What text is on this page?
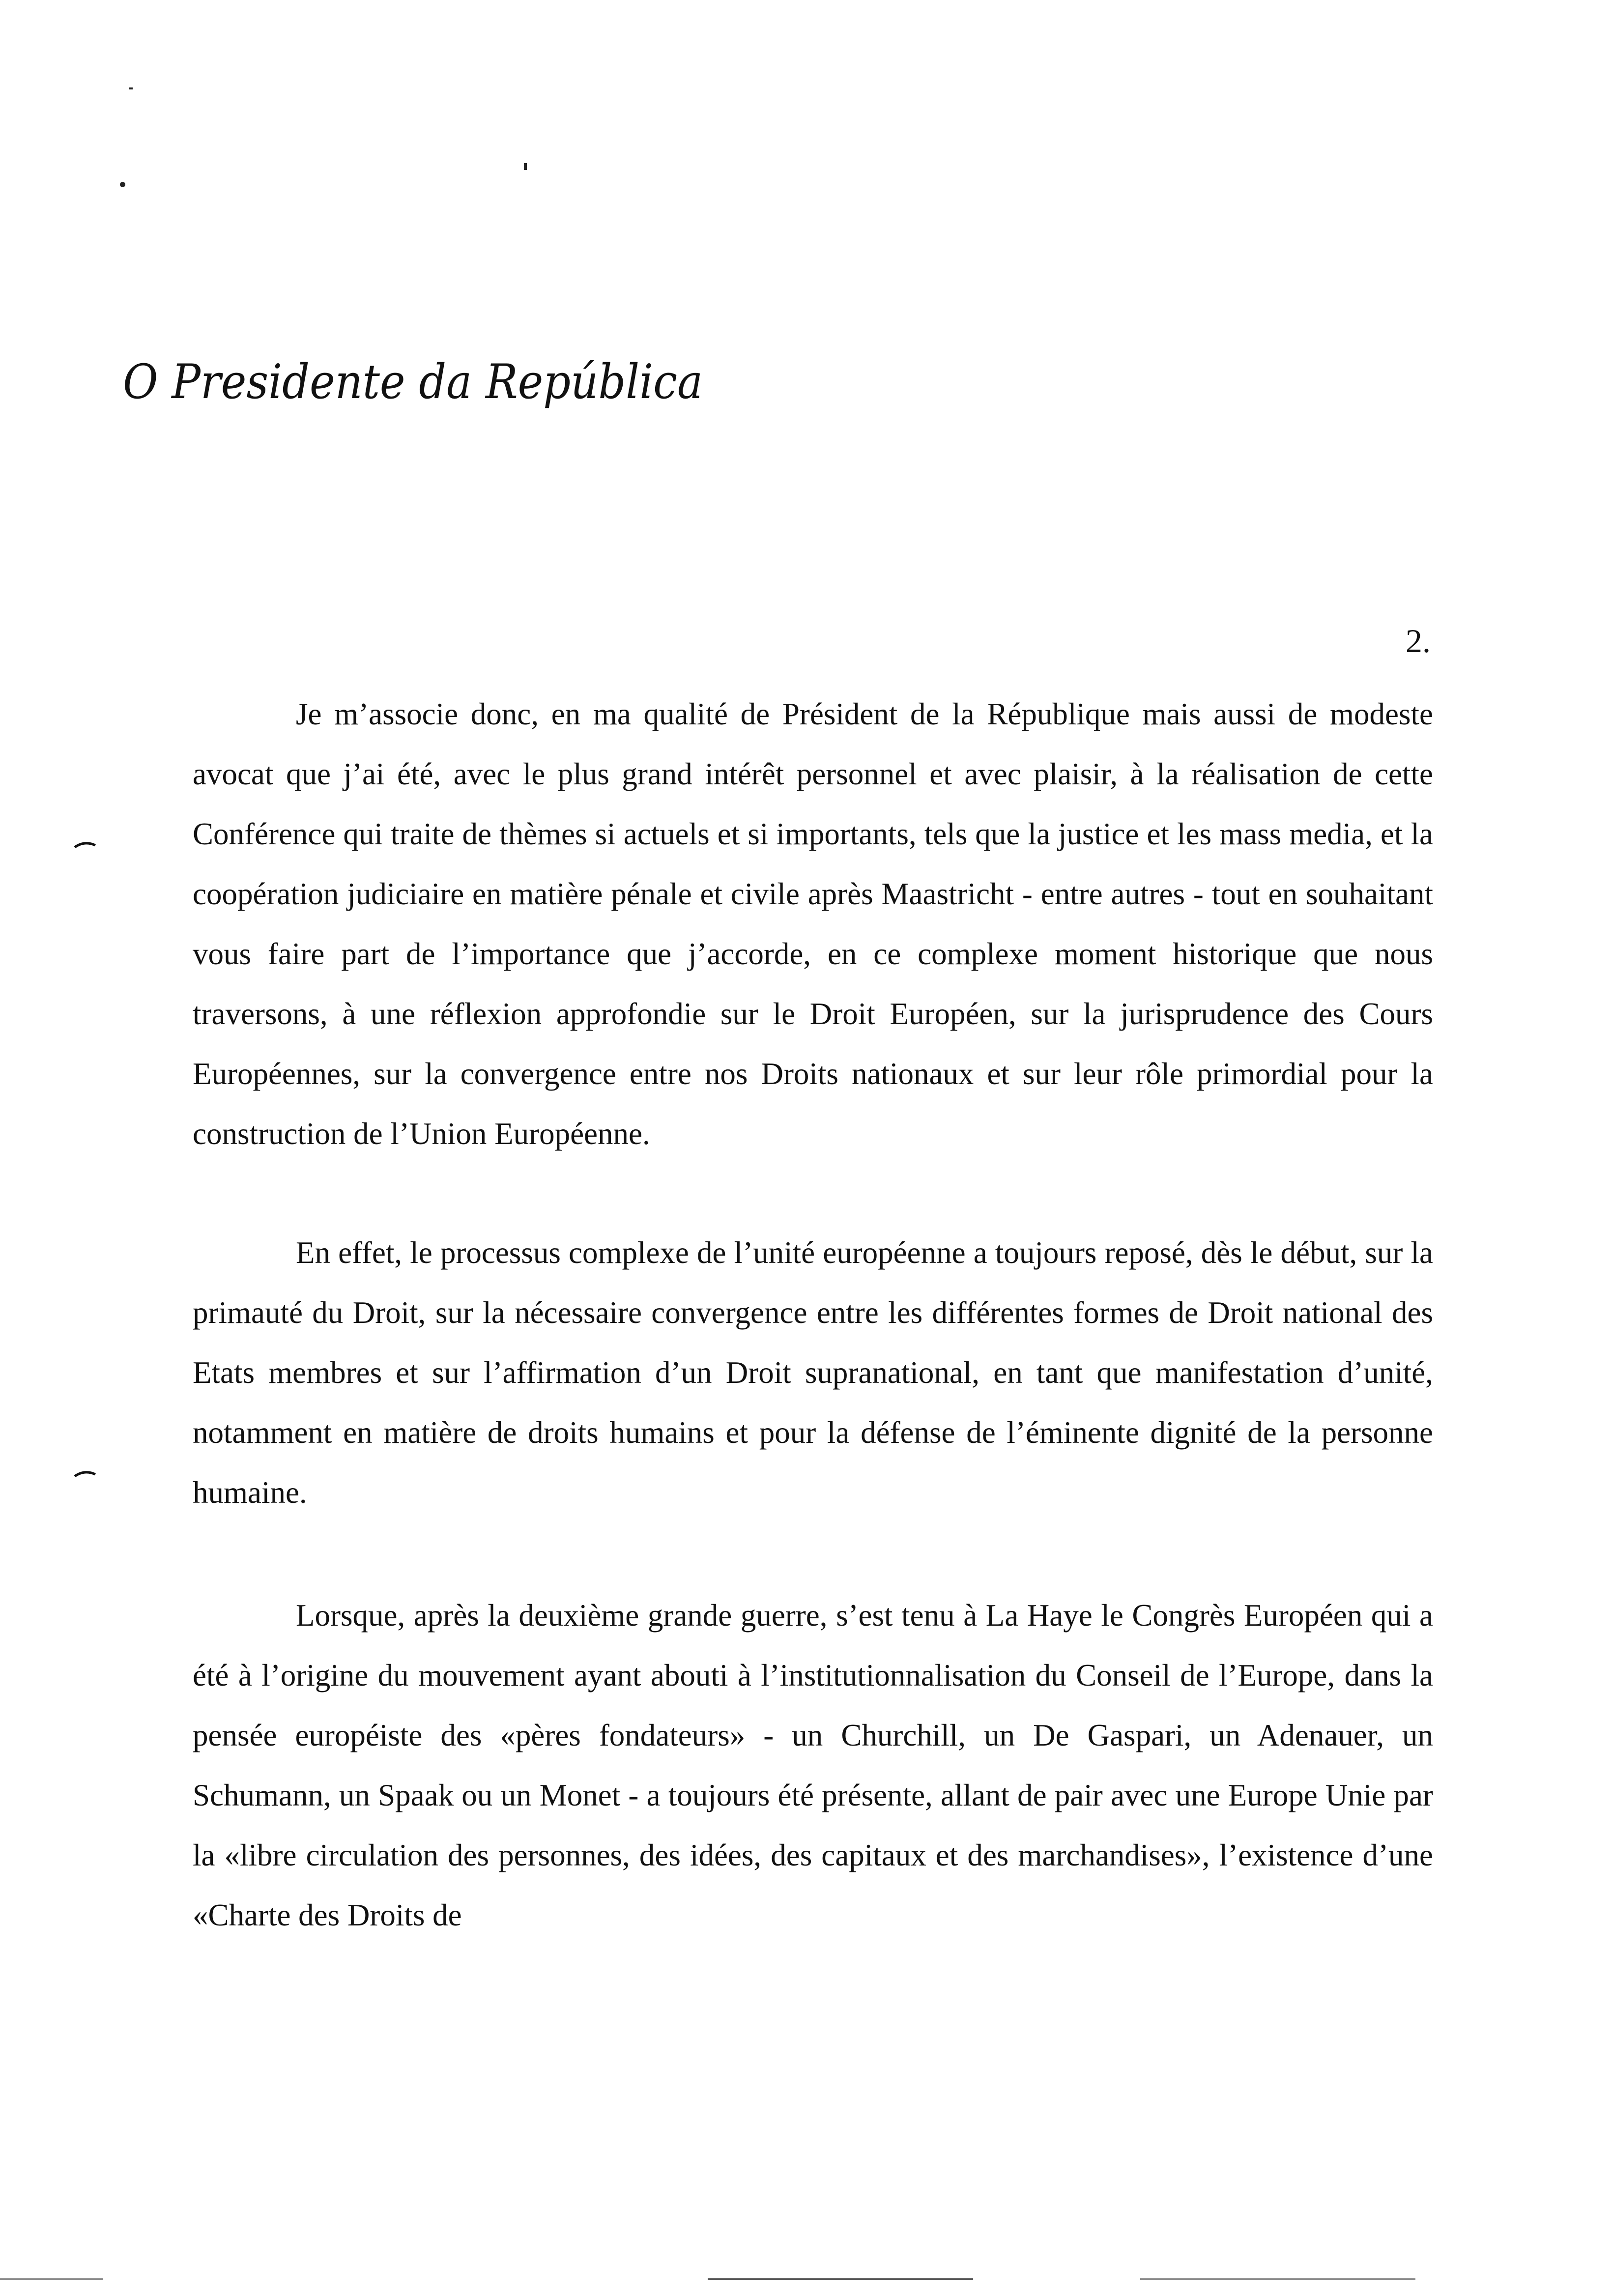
O Presidente da República
2.

Je m’associe donc, en ma qualité de Président de la République mais aussi de modeste avocat que j’ai été, avec le plus grand intérêt personnel et avec plaisir, à la réalisation de cette Conférence qui traite de thèmes si actuels et si importants, tels que la justice et les mass media, et la coopération judiciaire en matière pénale et civile après Maastricht - entre autres - tout en souhaitant vous faire part de l’importance que j’accorde, en ce complexe moment historique que nous traversons, à une réflexion approfondie sur le Droit Européen, sur la jurisprudence des Cours Européennes, sur la convergence entre nos Droits nationaux et sur leur rôle primordial pour la construction de l’Union Européenne.

En effet, le processus complexe de l’unité européenne a toujours reposé, dès le début, sur la primauté du Droit, sur la nécessaire convergence entre les différentes formes de Droit national des Etats membres et sur l’affirmation d’un Droit supranational, en tant que manifestation d’unité, notamment en matière de droits humains et pour la défense de l’éminente dignité de la personne humaine.

Lorsque, après la deuxième grande guerre, s’est tenu à La Haye le Congrès Européen qui a été à l’origine du mouvement ayant abouti à l’institutionnalisation du Conseil de l’Europe, dans la pensée européiste des «pères fondateurs» - un Churchill, un De Gaspari, un Adenauer, un Schumann, un Spaak ou un Monet - a toujours été présente, allant de pair avec une Europe Unie par la «libre circulation des personnes, des idées, des capitaux et des marchandises», l’existence d’une «Charte des Droits de
